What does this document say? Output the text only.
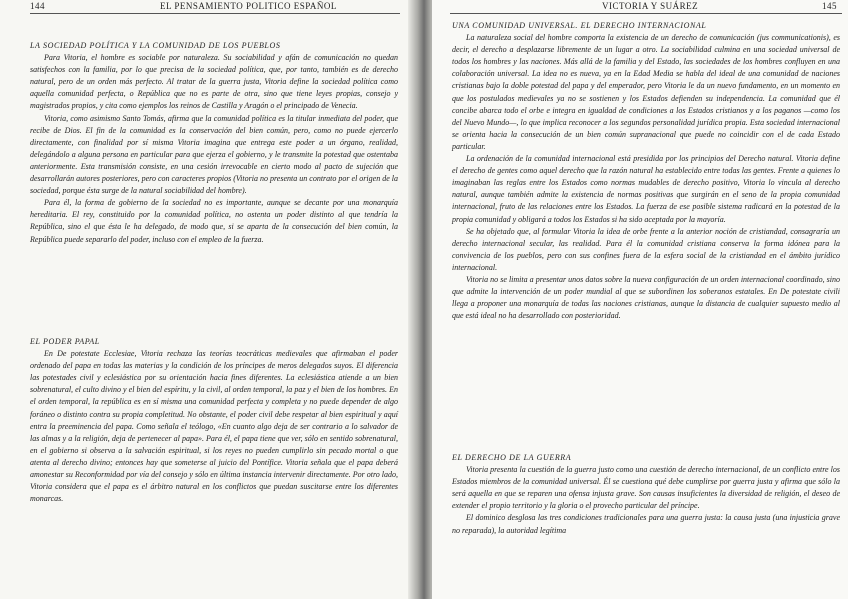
144	EL PENSAMIENTO POLITICO ESPAÑOL
LA SOCIEDAD POLÍTICA Y LA COMUNIDAD DE LOS PUEBLOS

Para Vitoria, el hombre es sociable por naturaleza. Su sociabilidad y afán de comunicación no quedan satisfechos con la familia, por lo que precisa de la sociedad política, que, por tanto, también es de derecho natural, pero de un orden más perfecto. Al tratar de la guerra justa, Vitoria define la sociedad política como aquella comunidad perfecta, o República que no es parte de otra, sino que tiene leyes propias, consejo y magistrados propios, y cita como ejemplos los reinos de Castilla y Aragón o el principado de Venecia.

Vitoria, como asimismo Santo Tomás, afirma que la comunidad política es la titular inmediata del poder, que recibe de Dios. El fin de la comunidad es la conservación del bien común, pero, como no puede ejercerlo directamente, con finalidad por sí misma Vitoria imagina que entrega este poder a un órgano, realidad, delegándolo a alguna persona en particular para que ejerza el gobierno, y le transmite la potestad que ostentaba anteriormente. Esta transmisión consiste, en una cesión irrevocable en cierto modo al pacto de sujeción que desarrollarán autores posteriores, pero con caracteres propios (Vitoria no presenta un contrato por el origen de la sociedad, porque ésta surge de la natural sociabilidad del hombre).

Para él, la forma de gobierno de la sociedad no es importante, aunque se decante por una monarquía hereditaria. El rey, constituido por la comunidad política, no ostenta un poder distinto al que tendría la República, sino el que ésta le ha delegado, de modo que, si se aparta de la consecución del bien común, la República puede separarlo del poder, incluso con el empleo de la fuerza.

EL PODER PAPAL

En De potestate Ecclesiae, Vitoria rechaza las teorías teocráticas medievales que afirmaban el poder ordenado del papa en todas las materias y la condición de los príncipes de meros delegados suyos. El diferencia las potestades civil y eclesiástica por su orientación hacia fines diferentes. La eclesiástica atiende a un bien sobrenatural, el culto divino y el bien del espíritu, y la civil, al orden temporal, la paz y el bien de los hombres. En el orden temporal, la república es en sí misma una comunidad perfecta y completa y no puede depender de algo foráneo o distinto contra su propia completitud. No obstante, el poder civil debe respetar al bien espiritual y aquí entra la preeminencia del papa. Como señala el teólogo, «En cuanto algo deja de ser contrario a lo salvador de las almas y a la religión, deja de pertenecer al papa». Para él, el papa tiene que ver, sólo en sentido sobrenatural, en el gobierno si observa a la salvación espiritual, si los reyes no pueden cumplirlo sin pecado mortal o que atenta al derecho divino; entonces hay que someterse al juicio del Pontífice. Vitoria señala que el papa deberá amonestar su Reconformidad por vía del consejo y sólo en última instancia intervenir directamente. Por otro lado, Vitoria considera que el papa es el árbitro natural en los conflictos que puedan suscitarse entre los diferentes monarcas.

VICTORIA Y SUÁREZ	145
UNA COMUNIDAD UNIVERSAL. EL DERECHO INTERNACIONAL

La naturaleza social del hombre comporta la existencia de un derecho de comunicación (jus communicationis), es decir, el derecho a desplazarse libremente de un lugar a otro. La sociabilidad culmina en una sociedad universal de todos los hombres y las naciones. Más allá de la familia y del Estado, las sociedades de los hombres confluyen en una colaboración universal. La idea no es nueva, ya en la Edad Media se habla del ideal de una comunidad de naciones cristianas bajo la doble potestad del papa y del emperador, pero Vitoria le da un nuevo fundamento, en un momento en que los postulados medievales ya no se sostienen y los Estados defienden su independencia. La comunidad que él concibe abarca todo el orbe e integra en igualdad de condiciones a los Estados cristianos y a los paganos —como los del Nuevo Mundo—, lo que implica reconocer a los segundos personalidad jurídica propia. Esta sociedad internacional se orienta hacia la consecución de un bien común supranacional que puede no coincidir con el de cada Estado particular.

La ordenación de la comunidad internacional está presidida por los principios del Derecho natural. Vitoria define el derecho de gentes como aquel derecho que la razón natural ha establecido entre todas las gentes. Frente a quienes lo imaginaban las reglas entre los Estados como normas mudables de derecho positivo, Vitoria lo vincula al derecho natural, aunque también admite la existencia de normas positivas que surgirán en el seno de la propia comunidad internacional, fruto de las relaciones entre los Estados. La fuerza de ese posible sistema radicará en la potestad de la propia comunidad y obligará a todos los Estados si ha sido aceptada por la mayoría.

Se ha objetado que, al formular Vitoria la idea de orbe frente a la anterior noción de cristiandad, consagraría un derecho internacional secular, las realidad. Para él la comunidad cristiana conserva la forma idónea para la convivencia de los pueblos, pero con sus confines fuera de la esfera social de la cristiandad en el ámbito jurídico internacional.

Vitoria no se limita a presentar unos datos sobre la nueva configuración de un orden internacional coordinado, sino que admite la intervención de un poder mundial al que se subordinen los soberanos estatales. En De potestate civili llega a proponer una monarquía de todas las naciones cristianas, aunque la distancia de cualquier supuesto medio al que está ideal no ha desarrollado con posterioridad.

EL DERECHO DE LA GUERRA

Vitoria presenta la cuestión de la guerra justo como una cuestión de derecho internacional, de un conflicto entre los Estados miembros de la comunidad universal. Él se cuestiona qué debe cumplirse por guerra justa y afirma que sólo la será aquella en que se reparen una ofensa injusta grave. Son causas insuficientes la diversidad de religión, el deseo de extender el propio territorio y la gloria o el provecho particular del príncipe.

El dominico desglosa las tres condiciones tradicionales para una guerra justa: la causa justa (una injusticia grave no reparada), la autoridad legítima
